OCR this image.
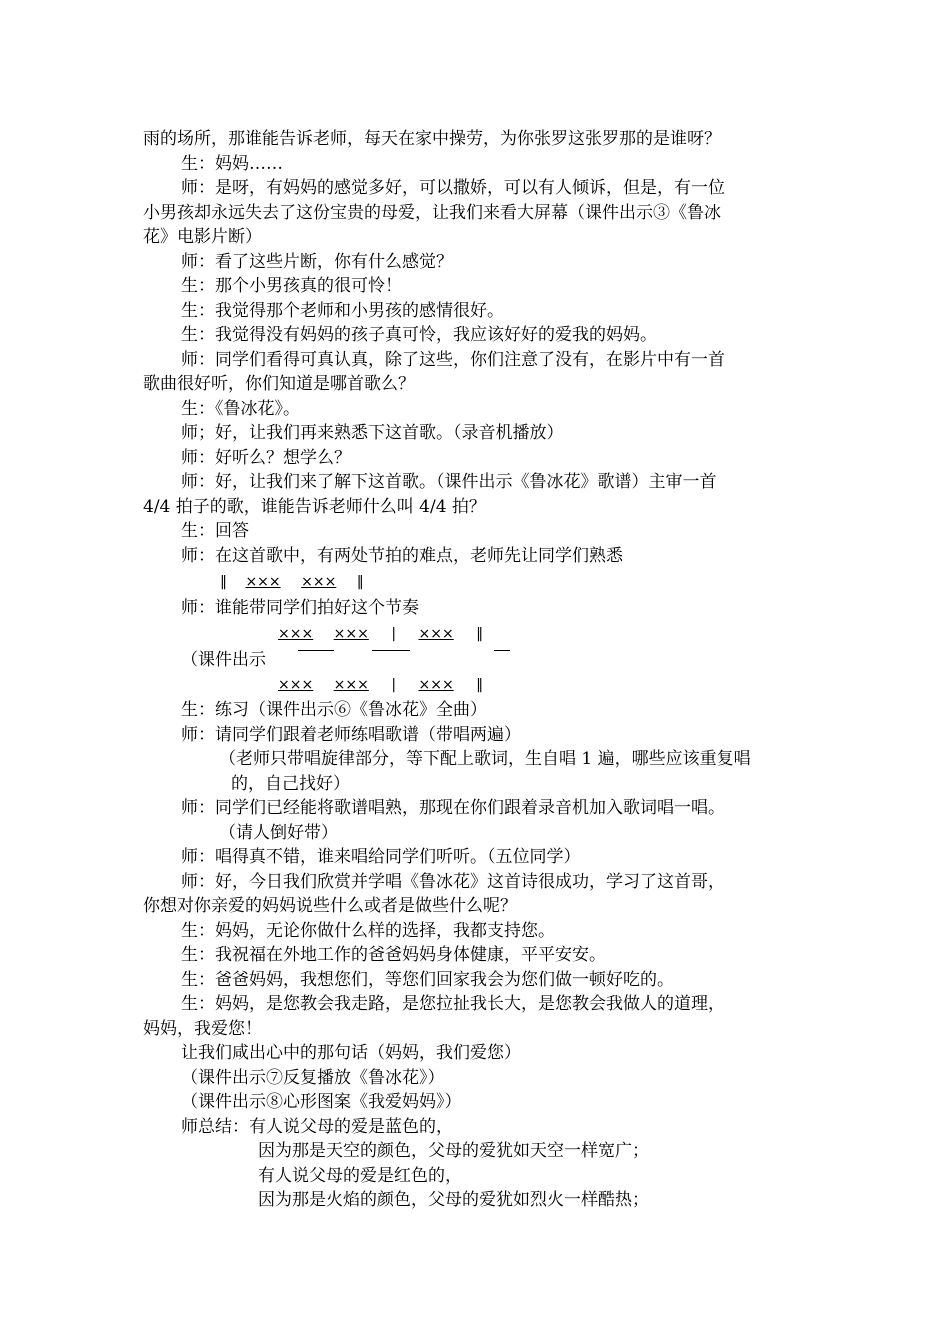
雨的场所，那谁能告诉老师，每天在家中操劳，为你张罗这张罗那的是谁呀？
生：妈妈……
师：是呀，有妈妈的感觉多好，可以撒娇，可以有人倾诉，但是，有一位
小男孩却永远失去了这份宝贵的母爱，让我们来看大屏幕（课件出示③《鲁冰
花》电影片断）
师：看了这些片断，你有什么感觉？
生：那个小男孩真的很可怜！
生：我觉得那个老师和小男孩的感情很好。
生：我觉得没有妈妈的孩子真可怜，我应该好好的爱我的妈妈。
师：同学们看得可真认真，除了这些，你们注意了没有，在影片中有一首
歌曲很好听，你们知道是哪首歌么？
生：《鲁冰花》。
师；好，让我们再来熟悉下这首歌。（录音机播放）
师：好听么？想学么？
师：好，让我们来了解下这首歌。（课件出示《鲁冰花》歌谱）主审一首
4/4 拍子的歌，谁能告诉老师什么叫 4/4 拍？
生：回答
师：在这首歌中，有两处节拍的难点，老师先让同学们熟悉
‖ ××× ××× ‖
师：谁能带同学们拍好这个节奏
××× ××× | ××× ‖
（课件出示
××× ××× | ××× ‖
生：练习（课件出示⑥《鲁冰花》全曲）
师：请同学们跟着老师练唱歌谱（带唱两遍）
（老师只带唱旋律部分，等下配上歌词，生自唱 1 遍，哪些应该重复唱
的，自己找好）
师：同学们已经能将歌谱唱熟，那现在你们跟着录音机加入歌词唱一唱。
（请人倒好带）
师：唱得真不错，谁来唱给同学们听听。（五位同学）
师：好，今日我们欣赏并学唱《鲁冰花》这首诗很成功，学习了这首哥，
你想对你亲爱的妈妈说些什么或者是做些什么呢？
生：妈妈，无论你做什么样的选择，我都支持您。
生：我祝福在外地工作的爸爸妈妈身体健康，平平安安。
生：爸爸妈妈，我想您们，等您们回家我会为您们做一顿好吃的。
生：妈妈，是您教会我走路，是您拉扯我长大，是您教会我做人的道理，
妈妈，我爱您！
让我们咸出心中的那句话（妈妈，我们爱您）
（课件出示⑦反复播放《鲁冰花》）
（课件出示⑧心形图案《我爱妈妈》）
师总结：有人说父母的爱是蓝色的，
因为那是天空的颜色，父母的爱犹如天空一样宽广；
有人说父母的爱是红色的，
因为那是火焰的颜色，父母的爱犹如烈火一样酷热；
